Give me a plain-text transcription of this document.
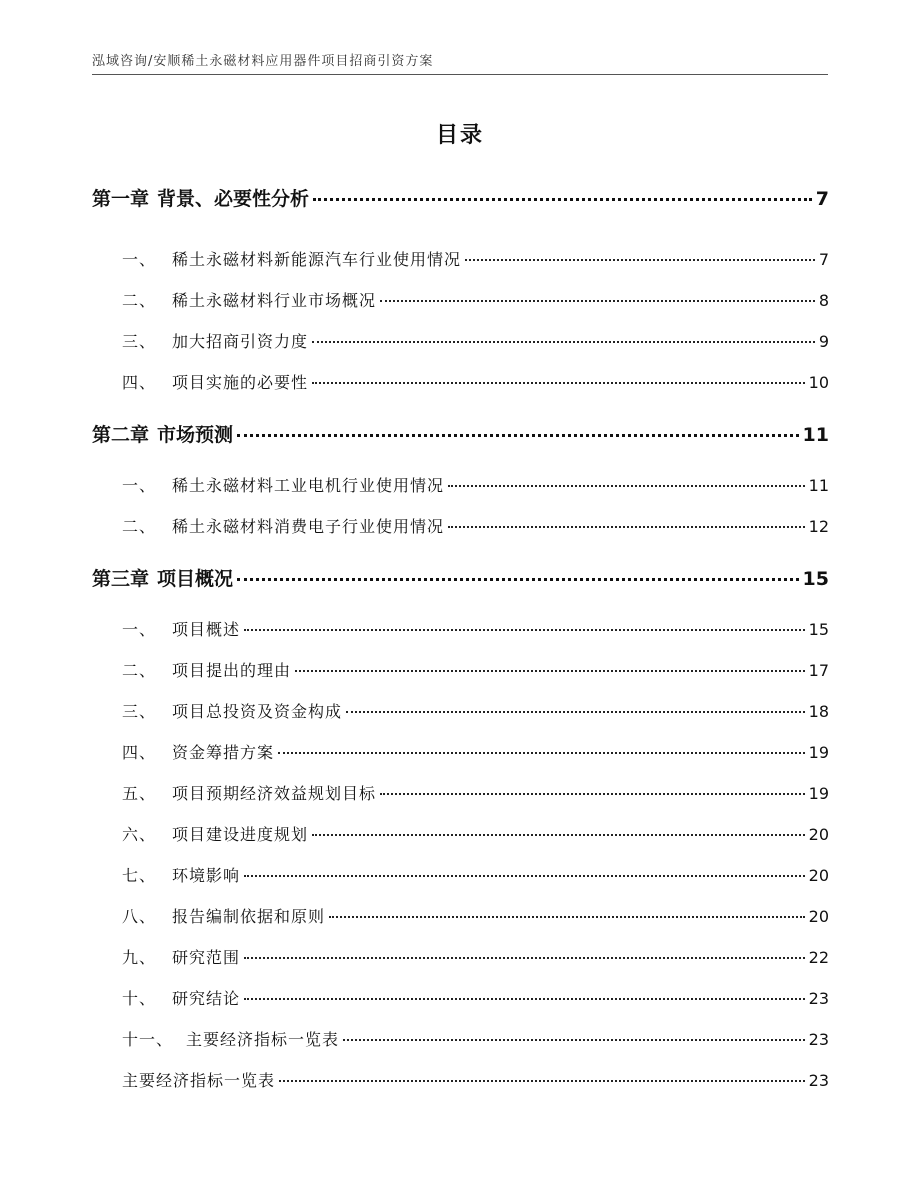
泓域咨询/安顺稀土永磁材料应用器件项目招商引资方案
目录
第一章 背景、必要性分析	7
一、 稀土永磁材料新能源汽车行业使用情况	7
二、 稀土永磁材料行业市场概况	8
三、 加大招商引资力度	9
四、 项目实施的必要性	10
第二章 市场预测	11
一、 稀土永磁材料工业电机行业使用情况	11
二、 稀土永磁材料消费电子行业使用情况	12
第三章 项目概况	15
一、 项目概述	15
二、 项目提出的理由	17
三、 项目总投资及资金构成	18
四、 资金筹措方案	19
五、 项目预期经济效益规划目标	19
六、 项目建设进度规划	20
七、 环境影响	20
八、 报告编制依据和原则	20
九、 研究范围	22
十、 研究结论	23
十一、 主要经济指标一览表	23
主要经济指标一览表	23
